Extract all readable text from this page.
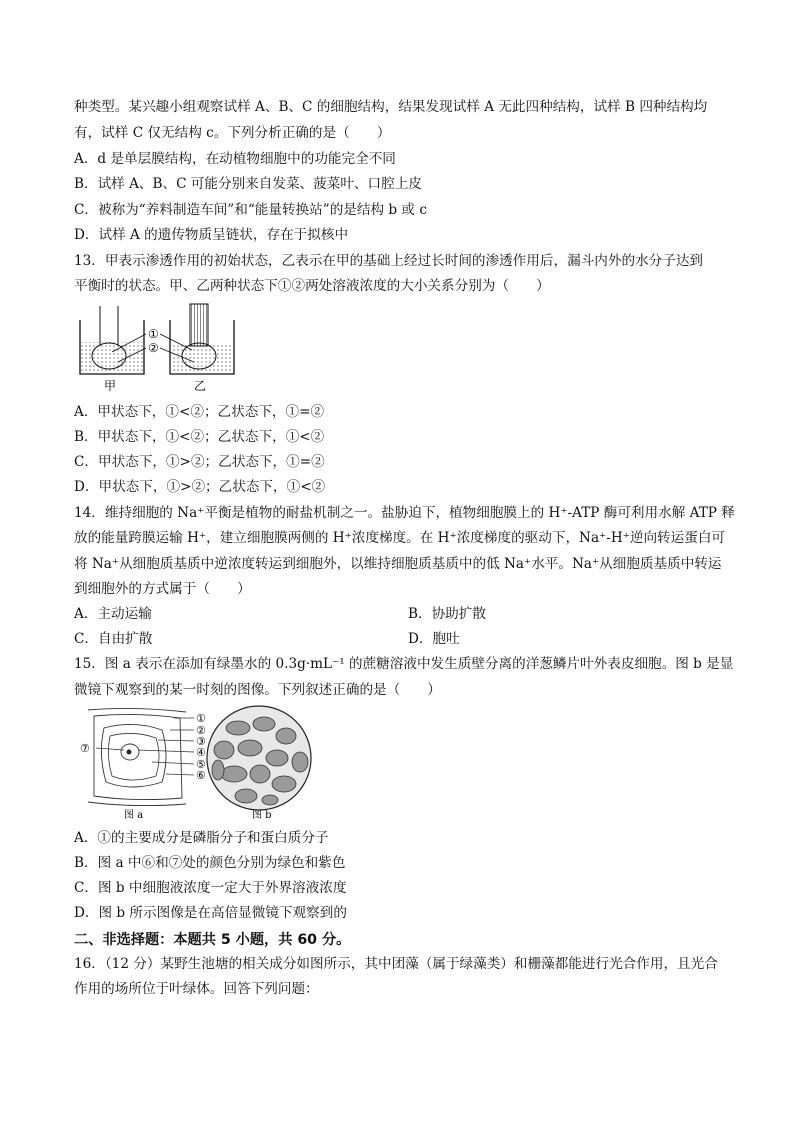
种类型。某兴趣小组观察试样 A、B、C 的细胞结构，结果发现试样 A 无此四种结构，试样 B 四种结构均
有，试样 C 仅无结构 c。下列分析正确的是（　　）
A．d 是单层膜结构，在动植物细胞中的功能完全不同
B．试样 A、B、C 可能分别来自发菜、菠菜叶、口腔上皮
C．被称为“养料制造车间”和“能量转换站”的是结构 b 或 c
D．试样 A 的遗传物质呈链状，存在于拟核中
13．甲表示渗透作用的初始状态，乙表示在甲的基础上经过长时间的渗透作用后，漏斗内外的水分子达到
平衡时的状态。甲、乙两种状态下①②两处溶液浓度的大小关系分别为（　　）
①
②
甲	乙
A．甲状态下，①<②；乙状态下，①=②
B．甲状态下，①<②；乙状态下，①<②
C．甲状态下，①>②；乙状态下，①=②
D．甲状态下，①>②；乙状态下，①<②
14．维持细胞的 Na⁺平衡是植物的耐盐机制之一。盐胁迫下，植物细胞膜上的 H⁺-ATP 酶可利用水解 ATP 释
放的能量跨膜运输 H⁺，建立细胞膜两侧的 H⁺浓度梯度。在 H⁺浓度梯度的驱动下，Na⁺-H⁺逆向转运蛋白可
将 Na⁺从细胞质基质中逆浓度转运到细胞外，以维持细胞质基质中的低 Na⁺水平。Na⁺从细胞质基质中转运
到细胞外的方式属于（　　）
A．主动运输	B．协助扩散
C．自由扩散	D．胞吐
15．图 a 表示在添加有绿墨水的 0.3g·mL⁻¹ 的蔗糖溶液中发生质壁分离的洋葱鳞片叶外表皮细胞。图 b 是显
微镜下观察到的某一时刻的图像。下列叙述正确的是（　　）
①
②
③
④
⑤
⑥
⑦
图 a	图 b
A．①的主要成分是磷脂分子和蛋白质分子
B．图 a 中⑥和⑦处的颜色分别为绿色和紫色
C．图 b 中细胞液浓度一定大于外界溶液浓度
D．图 b 所示图像是在高倍显微镜下观察到的
二、非选择题：本题共 5 小题，共 60 分。
16．（12 分）某野生池塘的相关成分如图所示，其中团藻（属于绿藻类）和栅藻都能进行光合作用，且光合
作用的场所位于叶绿体。回答下列问题：
